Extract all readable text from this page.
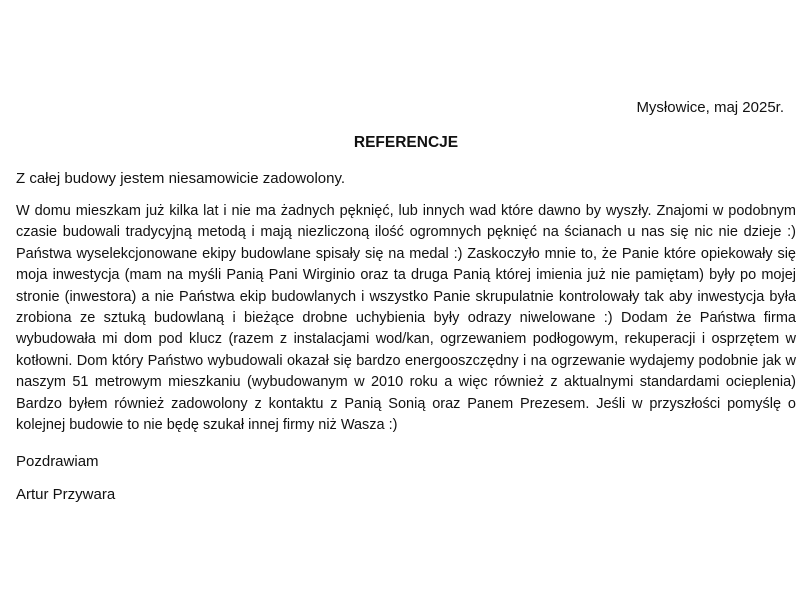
Mysłowice, maj 2025r.
REFERENCJE
Z całej budowy jestem niesamowicie zadowolony.
W domu mieszkam już kilka lat i nie ma żadnych pęknięć, lub innych wad które dawno by wyszły. Znajomi w podobnym czasie budowali tradycyjną metodą i mają niezliczoną ilość ogromnych pęknięć na ścianach u nas się nic nie dzieje :) Państwa wyselekcjonowane ekipy budowlane spisały się na medal :) Zaskoczyło mnie to, że Panie które opiekowały się moja inwestycja (mam na myśli Panią Pani Wirginio oraz ta druga Panią której imienia już nie pamiętam) były po mojej stronie (inwestora) a nie Państwa ekip budowlanych i wszystko Panie skrupulatnie kontrolowały tak aby inwestycja była zrobiona ze sztuką budowlaną i bieżące drobne uchybienia były odrazy niwelowane :) Dodam że Państwa firma wybudowała mi dom pod klucz (razem z instalacjami wod/kan, ogrzewaniem podłogowym, rekuperacji i osprzętem w kotłowni. Dom który Państwo wybudowali okazał się bardzo energooszczędny i na ogrzewanie wydajemy podobnie jak w naszym 51 metrowym mieszkaniu (wybudowanym w 2010 roku a więc również z aktualnymi standardami ocieplenia) Bardzo byłem również zadowolony z kontaktu z Panią Sonią oraz Panem Prezesem. Jeśli w przyszłości pomyślę o kolejnej budowie to nie będę szukał innej firmy niż Wasza :)
Pozdrawiam
Artur Przywara
